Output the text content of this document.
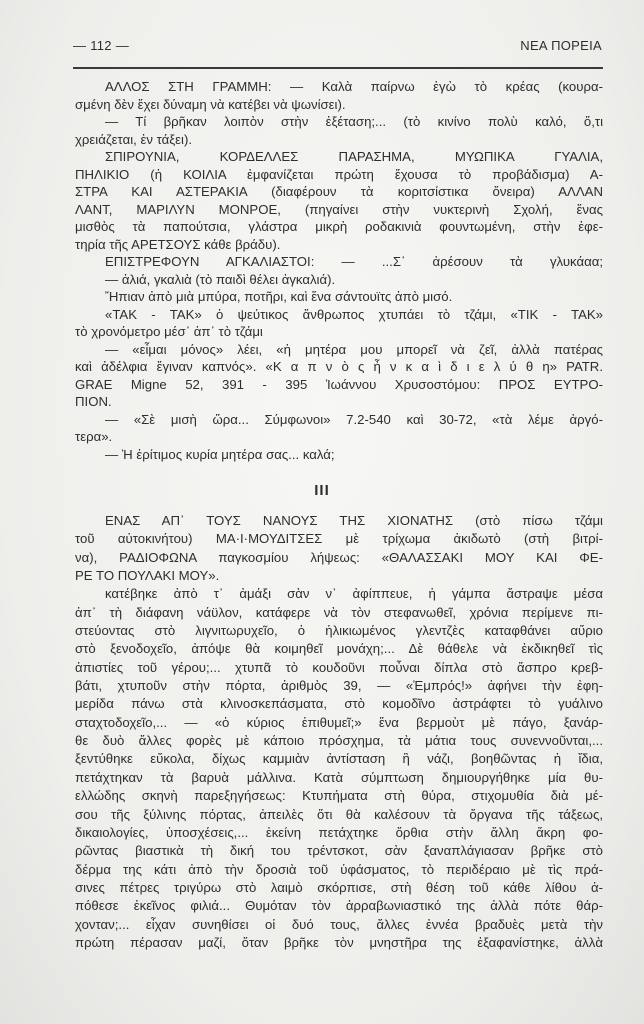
— 112 —	ΝΕΑ ΠΟΡΕΙΑ
ΑΛΛΟΣ ΣΤΗ ΓΡΑΜΜΗ: — Καλὰ παίρνω ἐγὼ τὸ κρέας (κουρα-
σμένη δὲν ἔχει δύναμη νὰ κατέβει νὰ ψωνίσει).
— Τί βρῆκαν λοιπὸν στὴν ἐξέταση;... (τὸ κινίνο πολὺ καλό, ὅ,τι
χρειάζεται, ἐν τάξει).
ΣΠΙΡΟΥΝΙΑ, ΚΟΡΔΕΛΛΕΣ ΠΑΡΑΣΗΜΑ, ΜΥΩΠΙΚΑ ΓΥΑΛΙΑ,
ΠΗΛΙΚΙΟ (ἡ ΚΟΙΛΙΑ ἐμφανίζεται πρώτη ἔχουσα τὸ προβάδισμα) Α-
ΣΤΡΑ ΚΑΙ ΑΣΤΕΡΑΚΙΑ (διαφέρουν τὰ κοριτσίστικα ὄνειρα) ΑΛΛΑΝ
ΛΑΝΤ, ΜΑΡΙΛΥΝ ΜΟΝΡΟΕ, (πηγαίνει στὴν νυκτερινὴ Σχολή, ἕνας
μισθὸς τὰ παπούτσια, γλάστρα μικρὴ ροδακινιὰ φουντωμένη, στὴν ἐφε-
τηρία τῆς ΑΡΕΤΣΟΥΣ κάθε βράδυ).
ΕΠΙΣΤΡΕΦΟΥΝ ΑΓΚΑΛΙΑΣΤΟΙ: — ...Σ᾿ ἀρέσουν τὰ γλυκάαα;
— ἀλιά, γκαλιὰ (τὸ παιδὶ θέλει ἀγκαλιά).
Ἤπιαν ἀπὸ μιὰ μπύρα, ποτῆρι, καὶ ἕνα σάντουϊτς ἀπὸ μισό.
«ΤΑΚ - ΤΑΚ» ὁ ψεύτικος ἄνθρωπος χτυπάει τὸ τζάμι, «ΤΙΚ - ΤΑΚ»
τὸ χρονόμετρο μέσ᾿ ἀπ᾿ τὸ τζάμι
— «εἶμαι μόνος» λέει, «ἡ μητέρα μου μπορεῖ νὰ ζεῖ, ἀλλὰ πατέρας
καὶ ἀδέλφια ἔγιναν καπνός». «Κ α π ν ὸ ς ἦ ν κ α ὶ δ ι ε λ ύ θ η» PATR.
GRAE Migne 52, 391 - 395 Ἰωάννου Χρυσοστόμου: ΠΡΟΣ ΕΥΤΡΟ-
ΠΙΟΝ.
— «Σὲ μισὴ ὥρα... Σύμφωνοι» 7.2-540 καὶ 30-72, «τὰ λέμε ἀργό-
τερα».
— Ἡ ἐρίτιμος κυρία μητέρα σας... καλά;
III
ΕΝΑΣ ΑΠ᾿ ΤΟΥΣ ΝΑΝΟΥΣ ΤΗΣ ΧΙΟΝΑΤΗΣ (στὸ πίσω τζάμι
τοῦ αὐτοκινήτου) ΜΑ·Ι·ΜΟΥΔΙΤΣΕΣ μὲ τρίχωμα ἀκιδωτὸ (στὴ βιτρί-
να), ΡΑΔΙΟΦΩΝΑ παγκοσμίου λήψεως: «ΘΑΛΑΣΣΑΚΙ ΜΟΥ ΚΑΙ ΦΕ-
ΡΕ ΤΟ ΠΟΥΛΑΚΙ ΜΟΥ».
κατέβηκε ἀπὸ τ᾿ ἀμάξι σὰν ν᾿ ἀφίππευε, ἡ γάμπα ἄστραψε μέσα
ἀπ᾿ τὴ διάφανη νάϋλον, κατάφερε νὰ τὸν στεφανωθεῖ, χρόνια περίμενε πι-
στεύοντας στὸ λιγνιτωρυχεῖο, ὁ ἡλικιωμένος γλεντζὲς καταφθάνει αὔριο
στὸ ξενοδοχεῖο, ἀπόψε θὰ κοιμηθεῖ μονάχη;... Δὲ θάθελε νὰ ἐκδικηθεῖ τὶς
ἀπιστίες τοῦ γέρου;... χτυπᾶ τὸ κουδοῦνι ποὖναι δίπλα στὸ ἄσπρο κρεβ-
βάτι, χτυποῦν στὴν πόρτα, ἀριθμὸς 39, — «Ἐμπρός!» ἀφήνει τὴν ἐφη-
μερίδα πάνω στὰ κλινοσκεπάσματα, στὸ κομοδῖνο ἀστράφτει τὸ γυάλινο
σταχτοδοχεῖο,... — «ὁ κύριος ἐπιθυμεῖ;» ἕνα βερμοὺτ μὲ πάγο, ξανάρ-
θε δυὸ ἄλλες φορὲς μὲ κάποιο πρόσχημα, τὰ μάτια τους συνεννοῦνται,...
ξεντύθηκε εὔκολα, δίχως καμμιὰν ἀντίσταση ἢ νάζι, βοηθῶντας ἡ ἴδια,
πετάχτηκαν τὰ βαρυὰ μάλλινα. Κατὰ σύμπτωση δημιουργήθηκε μία θυ-
ελλώδης σκηνὴ παρεξηγήσεως: Κτυπήματα στὴ θύρα, στιχομυθία διὰ μέ-
σου τῆς ξύλινης πόρτας, ἀπειλὲς ὅτι θὰ καλέσουν τὰ ὄργανα τῆς τάξεως,
δικαιολογίες, ὑποσχέσεις,... ἐκείνη πετάχτηκε ὄρθια στὴν ἄλλη ἄκρη φο-
ρῶντας βιαστικὰ τὴ δική του τρέντσκοτ, σὰν ξαναπλάγιασαν βρῆκε στὸ
δέρμα της κάτι ἀπὸ τὴν δροσιὰ τοῦ ὑφάσματος, τὸ περιδέραιο μὲ τὶς πρά-
σινες πέτρες τριγύρω στὸ λαιμὸ σκόρπισε, στὴ θέση τοῦ κάθε λίθου ἀ-
πόθεσε ἐκεῖνος φιλιά... Θυμόταν τὸν ἀρραβωνιαστικό της ἀλλὰ πότε θάρ-
χονταν;... εἶχαν συνηθίσει οἱ δυό τους, ἄλλες ἐννέα βραδυὲς μετὰ τὴν
πρώτη πέρασαν μαζί, ὅταν βρῆκε τὸν μνηστῆρα της ἐξαφανίστηκε, ἀλλὰ
